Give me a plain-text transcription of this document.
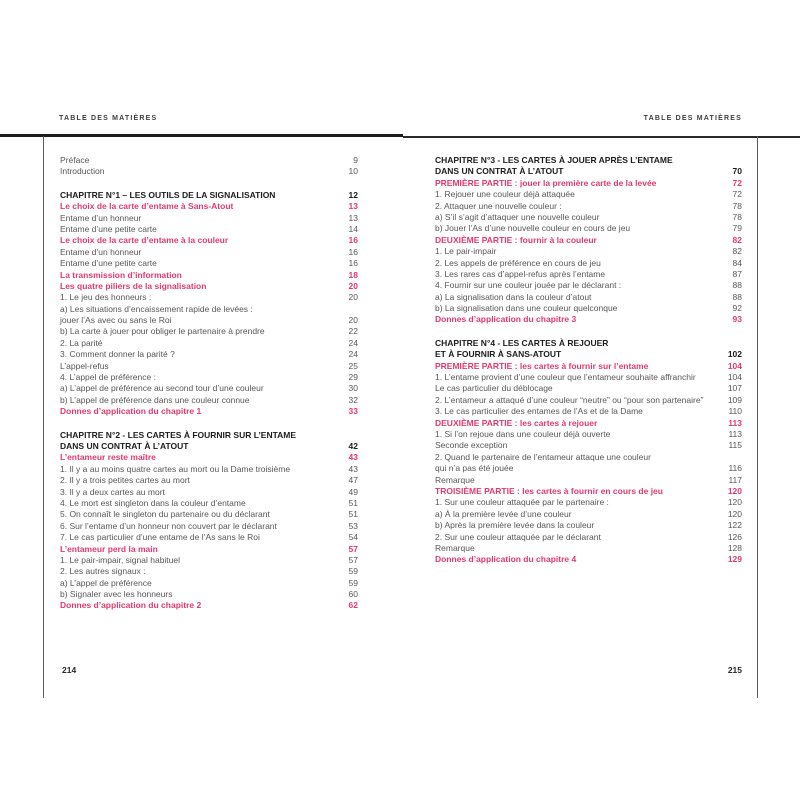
TABLE DES MATIÈRES	TABLE DES MATIÈRES
Préface	9
Introduction	10
CHAPITRE N°1 – LES OUTILS DE LA SIGNALISATION	12
Le choix de la carte d’entame à Sans-Atout	13
Entame d’un honneur	13
Entame d’une petite carte	14
Le choix de la carte d’entame à la couleur	16
Entame d’un honneur	16
Entame d’une petite carte	16
La transmission d’information	18
Les quatre piliers de la signalisation	20
1. Le jeu des honneurs :	20
a) Les situations d’encaissement rapide de levées :
jouer l’As avec ou sans le Roi	20
b) La carte à jouer pour obliger le partenaire à prendre	22
2. La parité	24
3. Comment donner la parité ?	24
L’appel-refus	25
4. L’appel de préférence :	29
a) L’appel de préférence au second tour d’une couleur	30
b) L’appel de préférence dans une couleur connue	32
Donnes d’application du chapitre 1	33
CHAPITRE N°2 - LES CARTES À FOURNIR SUR L’ENTAME
DANS UN CONTRAT À L’ATOUT	42
L’entameur reste maître	43
1. Il y a au moins quatre cartes au mort ou la Dame troisième	43
2. Il y a trois petites cartes au mort	47
3. Il y a deux cartes au mort	49
4. Le mort est singleton dans la couleur d’entame	51
5. On connaît le singleton du partenaire ou du déclarant	51
6. Sur l’entame d’un honneur non couvert par le déclarant	53
7. Le cas particulier d’une entame de l’As sans le Roi	54
L’entameur perd la main	57
1. Le pair-impair, signal habituel	57
2. Les autres signaux :	59
a) L’appel de préférence	59
b) Signaler avec les honneurs	60
Donnes d’application du chapitre 2	62
CHAPITRE N°3 - LES CARTES À JOUER APRÈS L’ENTAME
DANS UN CONTRAT À L’ATOUT	70
PREMIÈRE PARTIE : jouer la première carte de la levée	72
1. Rejouer une couleur déjà attaquée	72
2. Attaquer une nouvelle couleur :	78
a) S’il s’agit d’attaquer une nouvelle couleur	78
b) Jouer l’As d’une nouvelle couleur en cours de jeu	79
DEUXIÈME PARTIE : fournir à la couleur	82
1. Le pair-impair	82
2. Les appels de préférence en cours de jeu	84
3. Les rares cas d’appel-refus après l’entame	87
4. Fournir sur une couleur jouée par le déclarant :	88
a) La signalisation dans la couleur d’atout	88
b) La signalisation dans une couleur quelconque	92
Donnes d’application du chapitre 3	93
CHAPITRE N°4 - LES CARTES À REJOUER
ET À FOURNIR À SANS-ATOUT	102
PREMIÈRE PARTIE : les cartes à fournir sur l’entame	104
1. L’entame provient d’une couleur que l’entameur souhaite affranchir	104
Le cas particulier du déblocage	107
2. L’entameur a attaqué d’une couleur “neutre” ou “pour son partenaire”	109
3. Le cas particulier des entames de l’As et de la Dame	110
DEUXIÈME PARTIE : les cartes à rejouer	113
1. Si l’on rejoue dans une couleur déjà ouverte	113
Seconde exception	115
2. Quand le partenaire de l’entameur attaque une couleur
qui n’a pas été jouée	116
Remarque	117
TROISIÈME PARTIE : les cartes à fournir en cours de jeu	120
1. Sur une couleur attaquée par le partenaire :	120
a) À la première levée d’une couleur	120
b) Après la première levée dans la couleur	122
2. Sur une couleur attaquée par le déclarant	126
Remarque	128
Donnes d’application du chapitre 4	129
214	215
